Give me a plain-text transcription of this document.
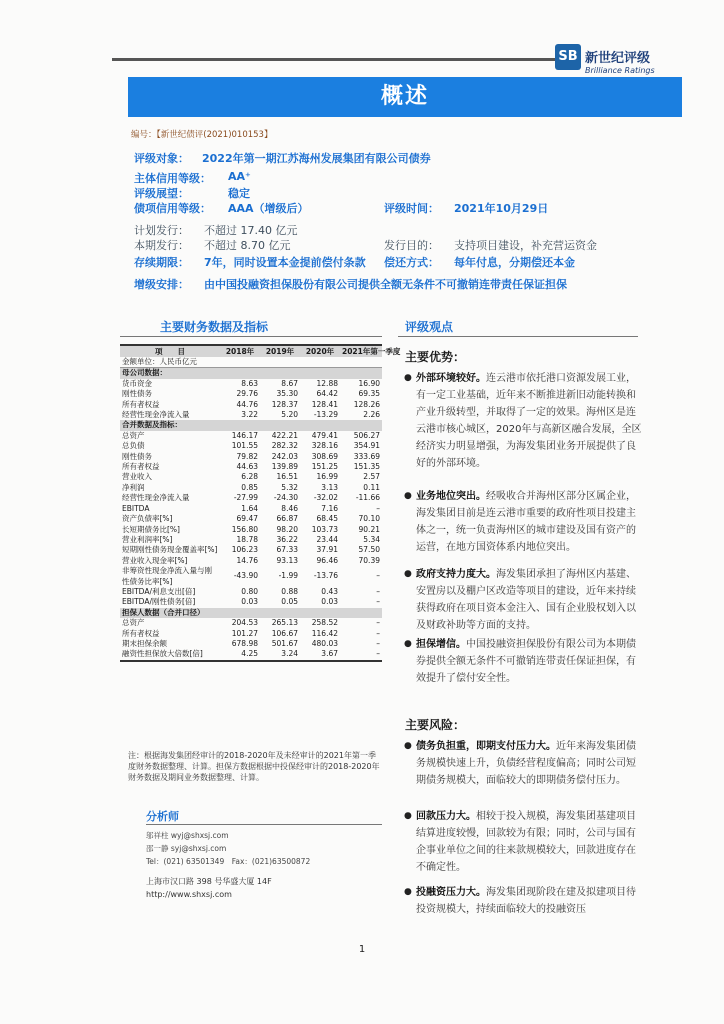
SB 新世纪评级
Brilliance Ratings
概述
编号：【新世纪债评(2021)010153】
评级对象： 2022年第一期江苏海州发展集团有限公司债券
主体信用等级： AA⁺
评级展望：	稳定
债项信用等级： AAA（增级后）	评级时间： 2021年10月29日
计划发行： 不超过 17.40 亿元
本期发行： 不超过 8.70 亿元	发行目的： 支持项目建设，补充营运资金
存续期限： 7年，同时设置本金提前偿付条款 偿还方式： 每年付息，分期偿还本金
增级安排： 由中国投融资担保股份有限公司提供全额无条件不可撤销连带责任保证担保
主要财务数据及指标
项　　目	2018年	2019年	2020年	2021年第一季度
金额单位：人民币亿元				
母公司数据：				
货币资金	8.63	8.67	12.88	16.90
刚性债务	29.76	35.30	64.42	69.35
所有者权益	44.76	128.37	128.41	128.26
经营性现金净流入量	3.22	5.20	-13.29	2.26
合并数据及指标：				
总资产	146.17	422.21	479.41	506.27
总负债	101.55	282.32	328.16	354.91
刚性债务	79.82	242.03	308.69	333.69
所有者权益	44.63	139.89	151.25	151.35
营业收入	6.28	16.51	16.99	2.57
净利润	0.85	5.32	3.13	0.11
经营性现金净流入量	-27.99	-24.30	-32.02	-11.66
EBITDA	1.64	8.46	7.16	–
资产负债率[%]	69.47	66.87	68.45	70.10
长短期债务比[%]	156.80	98.20	103.73	90.21
营业利润率[%]	18.78	36.22	23.44	5.34
短期刚性债务现金覆盖率[%]	106.23	67.33	37.91	57.50
营业收入现金率[%]	14.76	93.13	96.46	70.39
非筹资性现金净流入量与刚性债务比率[%]	-43.90	-1.99	-13.76	–
EBITDA/利息支出[倍]	0.80	0.88	0.43	–
EBITDA/刚性债务[倍]	0.03	0.05	0.03	–
担保人数据（合并口径）				
总资产	204.53	265.13	258.52	–
所有者权益	101.27	106.67	116.42	–
期末担保余额	678.98	501.67	480.03	–
融资性担保放大倍数[倍]	4.25	3.24	3.67	–
注：根据海发集团经审计的2018-2020年及未经审计的2021年第一季度财务数据整理、计算。担保方数据根据中投保经审计的2018-2020年财务数据及期间业务数据整理、计算。
分析师
邬祥柱 wyj@shxsj.com
邵一静 syj@shxsj.com
Tel：(021) 63501349　Fax：(021)63500872
上海市汉口路 398 号华盛大厦 14F
http://www.shxsj.com
评级观点
主要优势：
● 外部环境较好。连云港市依托港口资源发展工业，有一定工业基础，近年来不断推进新旧动能转换和产业升级转型，并取得了一定的效果。海州区是连云港市核心城区，2020年与高新区融合发展，全区经济实力明显增强，为海发集团业务开展提供了良好的外部环境。
● 业务地位突出。经吸收合并海州区部分区属企业，海发集团目前是连云港市重要的政府性项目投建主体之一，统一负责海州区的城市建设及国有资产的运营，在地方国资体系内地位突出。
● 政府支持力度大。海发集团承担了海州区内基建、安置房以及棚户区改造等项目的建设，近年来持续获得政府在项目资本金注入、国有企业股权划入以及财政补助等方面的支持。
● 担保增信。中国投融资担保股份有限公司为本期债券提供全额无条件不可撤销连带责任保证担保，有效提升了偿付安全性。
主要风险：
● 债务负担重，即期支付压力大。近年来海发集团债务规模快速上升，负债经营程度偏高；同时公司短期债务规模大，面临较大的即期债务偿付压力。
● 回款压力大。相较于投入规模，海发集团基建项目结算进度较慢，回款较为有限；同时，公司与国有企事业单位之间的往来款规模较大，回款进度存在不确定性。
● 投融资压力大。海发集团现阶段在建及拟建项目待投资规模大，持续面临较大的投融资压
1
